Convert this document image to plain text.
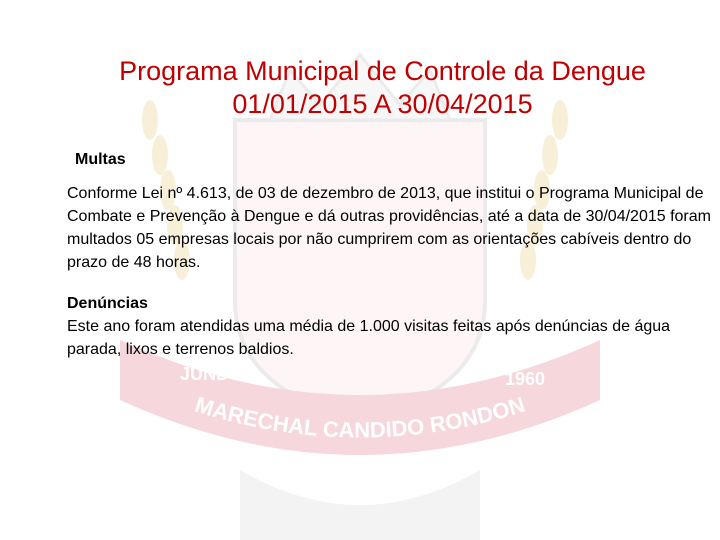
MARECHAL CANDIDO RONDON
JUND	1960
Programa Municipal de Controle da Dengue
01/01/2015 A 30/04/2015
Multas
Conforme Lei nº 4.613, de 03 de dezembro de 2013, que institui o Programa Municipal de Combate e Prevenção à Dengue e dá outras providências, até a data de 30/04/2015 foram multados 05 empresas locais por não cumprirem com as orientações cabíveis dentro do prazo de 48 horas.
Denúncias
Este ano foram atendidas uma média de 1.000 visitas feitas após denúncias de água parada, lixos e terrenos baldios.
